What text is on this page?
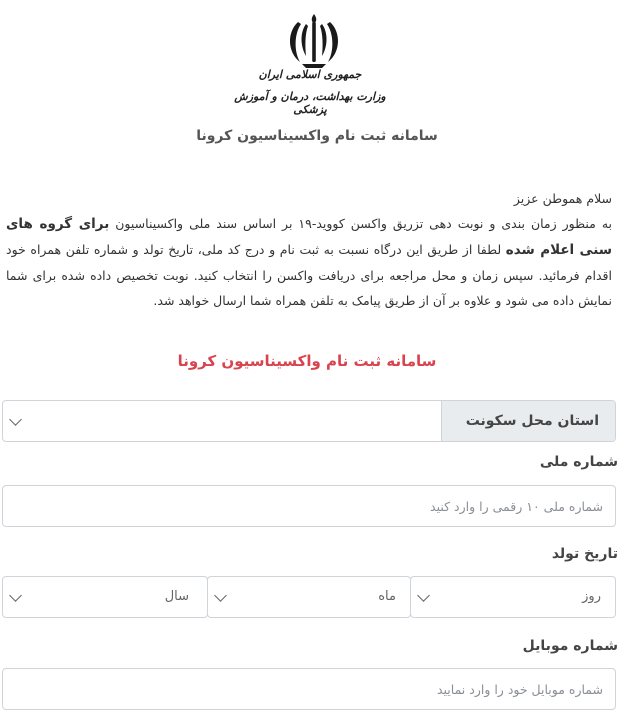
جمهوری اسلامی ایران
وزارت بهداشت، درمان و آموزش پزشکی
سامانه ثبت نام واکسیناسیون کرونا

سلام هموطن عزیز

به منظور زمان بندی و نوبت دهی تزریق واکسن کووید-۱۹ بر اساس سند ملی واکسیناسیون برای گروه های سنی اعلام شده لطفا از طریق این درگاه نسبت به ثبت نام و درج کد ملی، تاریخ تولد و شماره تلفن همراه خود اقدام فرمائید. سپس زمان و محل مراجعه برای دریافت واکسن را انتخاب کنید. نوبت تخصیص داده شده برای شما نمایش داده می شود و علاوه بر آن از طریق پیامک به تلفن همراه شما ارسال خواهد شد.

سامانه ثبت نام واکسیناسیون کرونا
استان محل سکونت
شماره ملی
شماره ملی ۱۰ رقمی را وارد کنید
تاریخ تولد
روز
ماه
سال
شماره موبایل
شماره موبایل خود را وارد نمایید
